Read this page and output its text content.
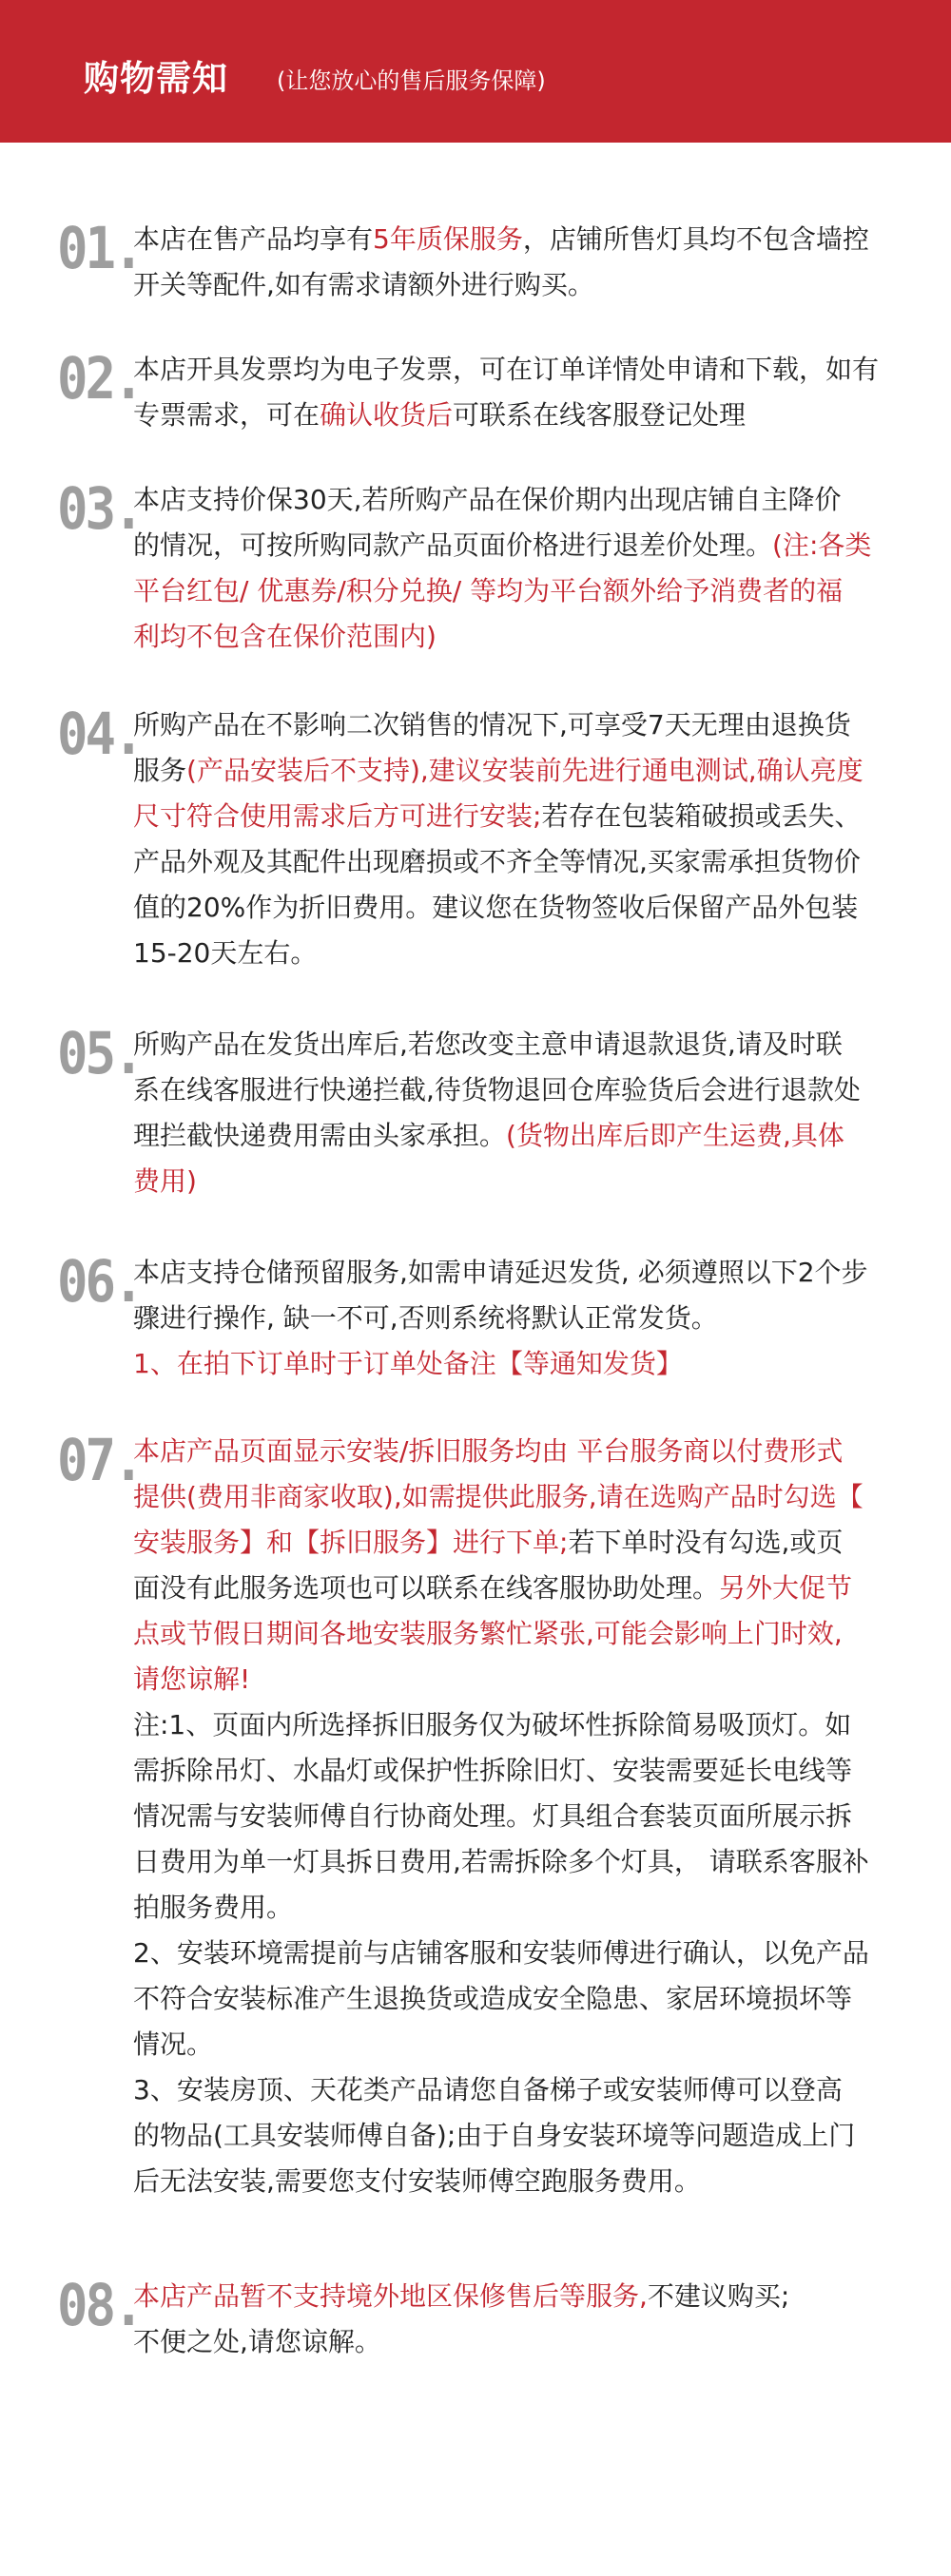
购物需知 (让您放心的售后服务保障)
01.
本店在售产品均享有5年质保服务，店铺所售灯具均不包含墙控
开关等配件,如有需求请额外进行购买。
02.
本店开具发票均为电子发票，可在订单详情处申请和下载，如有
专票需求，可在确认收货后可联系在线客服登记处理
03.
本店支持价保30天,若所购产品在保价期内出现店铺自主降价
的情况，可按所购同款产品页面价格进行退差价处理。(注:各类
平台红包/ 优惠券/积分兑换/ 等均为平台额外给予消费者的福
利均不包含在保价范围内)
04.
所购产品在不影响二次销售的情况下,可享受7天无理由退换货
服务(产品安装后不支持),建议安装前先进行通电测试,确认亮度
尺寸符合使用需求后方可进行安装;若存在包装箱破损或丢失、
产品外观及其配件出现磨损或不齐全等情况,买家需承担货物价
值的20%作为折旧费用。建议您在货物签收后保留产品外包装
15-20天左右。
05.
所购产品在发货出库后,若您改变主意申请退款退货,请及时联
系在线客服进行快递拦截,待货物退回仓库验货后会进行退款处
理拦截快递费用需由头家承担。(货物出库后即产生运费,具体
费用)
06.
本店支持仓储预留服务,如需申请延迟发货, 必须遵照以下2个步
骤进行操作, 缺一不可,否则系统将默认正常发货。
1、在拍下订单时于订单处备注【等通知发货】
07.
本店产品页面显示安装/拆旧服务均由 平台服务商以付费形式
提供(费用非商家收取),如需提供此服务,请在选购产品时勾选【
安装服务】和【拆旧服务】进行下单;若下单时没有勾选,或页
面没有此服务选项也可以联系在线客服协助处理。另外大促节
点或节假日期间各地安装服务繁忙紧张,可能会影响上门时效,
请您谅解!
注:1、页面内所选择拆旧服务仅为破坏性拆除简易吸顶灯。如
需拆除吊灯、水晶灯或保护性拆除旧灯、安装需要延长电线等
情况需与安装师傅自行协商处理。灯具组合套装页面所展示拆
日费用为单一灯具拆日费用,若需拆除多个灯具， 请联系客服补
拍服务费用。
2、安装环境需提前与店铺客服和安装师傅进行确认，以免产品
不符合安装标准产生退换货或造成安全隐患、家居环境损坏等
情况。
3、安装房顶、天花类产品请您自备梯子或安装师傅可以登高
的物品(工具安装师傅自备);由于自身安装环境等问题造成上门
后无法安装,需要您支付安装师傅空跑服务费用。
08.
本店产品暂不支持境外地区保修售后等服务,不建议购买;
不便之处,请您谅解。
